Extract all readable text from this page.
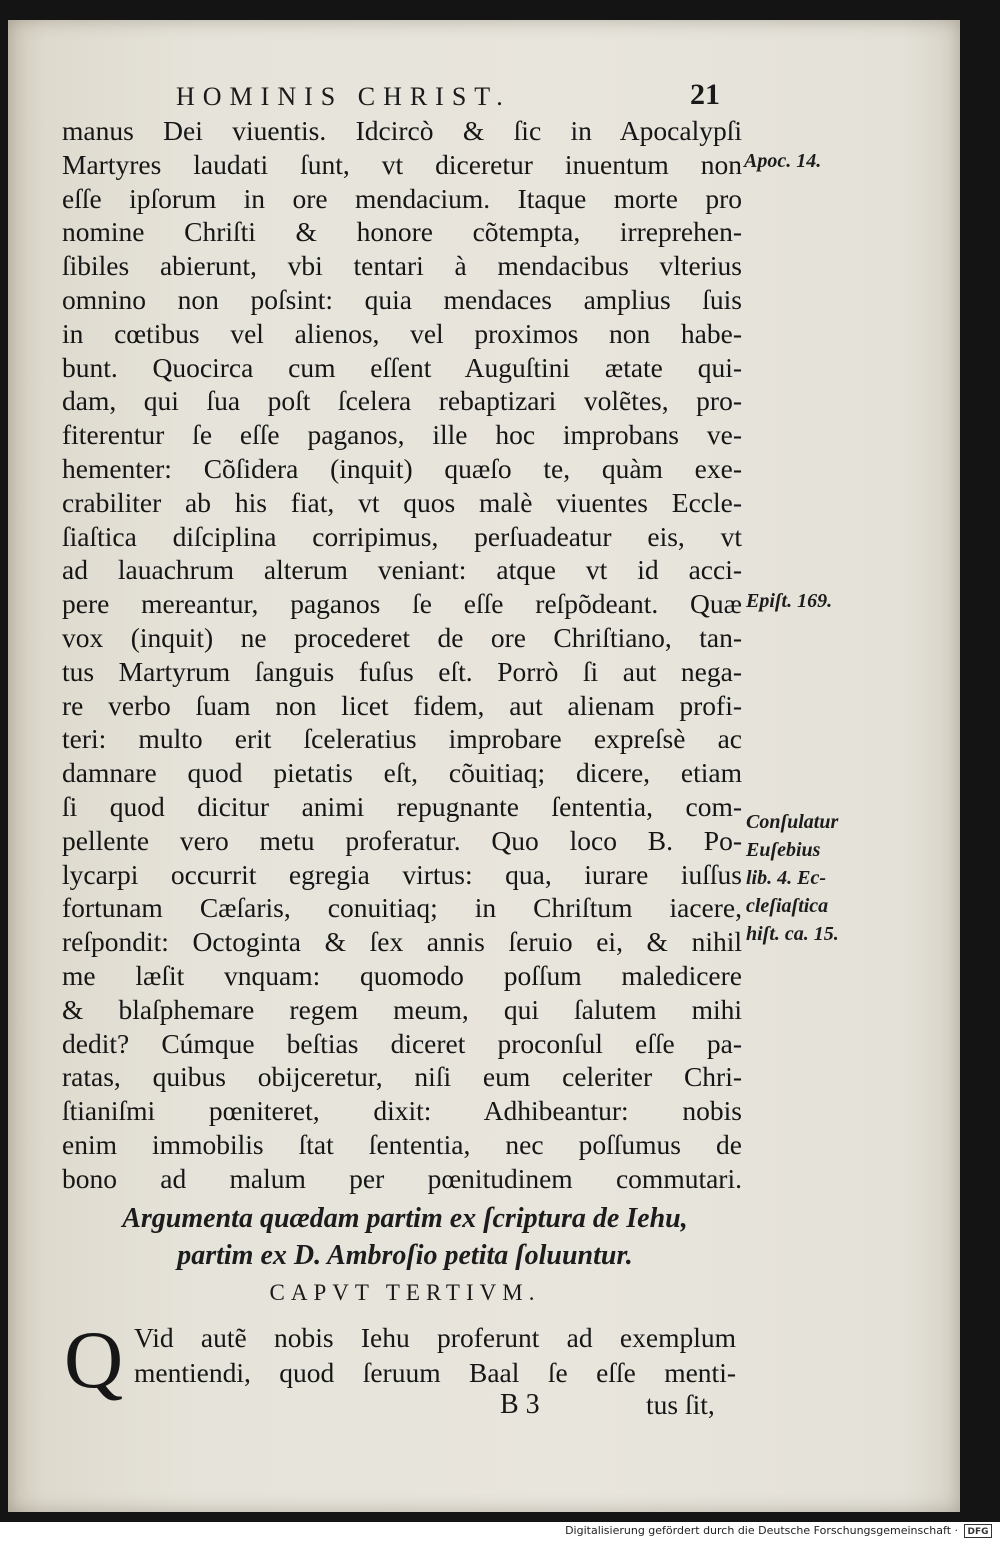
HOMINIS CHRIST.	21
manus Dei viuentis. Idcircò & ſic in Apocalypſi
Martyres laudati ſunt, vt diceretur inuentum non
eſſe ipſorum in ore mendacium. Itaque morte pro
nomine Chriſti & honore cõtempta, irreprehen-
ſibiles abierunt, vbi tentari à mendacibus vlterius
omnino non poſsint: quia mendaces amplius ſuis
in cœtibus vel alienos, vel proximos non habe-
bunt. Quocirca cum eſſent Auguſtini ætate qui-
dam, qui ſua poſt ſcelera rebaptizari volẽtes, pro-
fiterentur ſe eſſe paganos, ille hoc improbans ve-
hementer: Cõſidera (inquit) quæſo te, quàm exe-
crabiliter ab his fiat, vt quos malè viuentes Eccle-
ſiaſtica diſciplina corripimus, perſuadeatur eis, vt
ad lauachrum alterum veniant: atque vt id acci-
pere mereantur, paganos ſe eſſe reſpõdeant. Quæ
vox (inquit) ne procederet de ore Chriſtiano, tan-
tus Martyrum ſanguis fuſus eſt. Porrò ſi aut nega-
re verbo ſuam non licet fidem, aut alienam profi-
teri: multo erit ſceleratius improbare expreſsè ac
damnare quod pietatis eſt, cõuitiaq; dicere, etiam
ſi quod dicitur animi repugnante ſententia, com-
pellente vero metu proferatur. Quo loco B. Po-
lycarpi occurrit egregia virtus: qua, iurare iuſſus
fortunam Cæſaris, conuitiaq; in Chriſtum iacere,
reſpondit: Octoginta & ſex annis ſeruio ei, & nihil
me læſit vnquam: quomodo poſſum maledicere
& blaſphemare regem meum, qui ſalutem mihi
dedit? Cúmque beſtias diceret proconſul eſſe pa-
ratas, quibus obijceretur, niſi eum celeriter Chri-
ſtianiſmi pœniteret, dixit: Adhibeantur: nobis
enim immobilis ſtat ſententia, nec poſſumus de
bono ad malum per pœnitudinem commutari.
Apoc. 14.
Epiſt. 169.
Conſulatur
Euſebius
lib. 4. Ec-
cleſiaſtica
hiſt. ca. 15.
Argumenta quædam partim ex ſcriptura de Iehu,
partim ex D. Ambroſio petita ſoluuntur.
CAPVT TERTIVM.
Q Vid autẽ nobis Iehu proferunt ad exemplum
mentiendi, quod ſeruum Baal ſe eſſe menti-
B 3	tus ſit,
Digitalisierung gefördert durch die Deutsche Forschungsgemeinschaft ·	DFG
